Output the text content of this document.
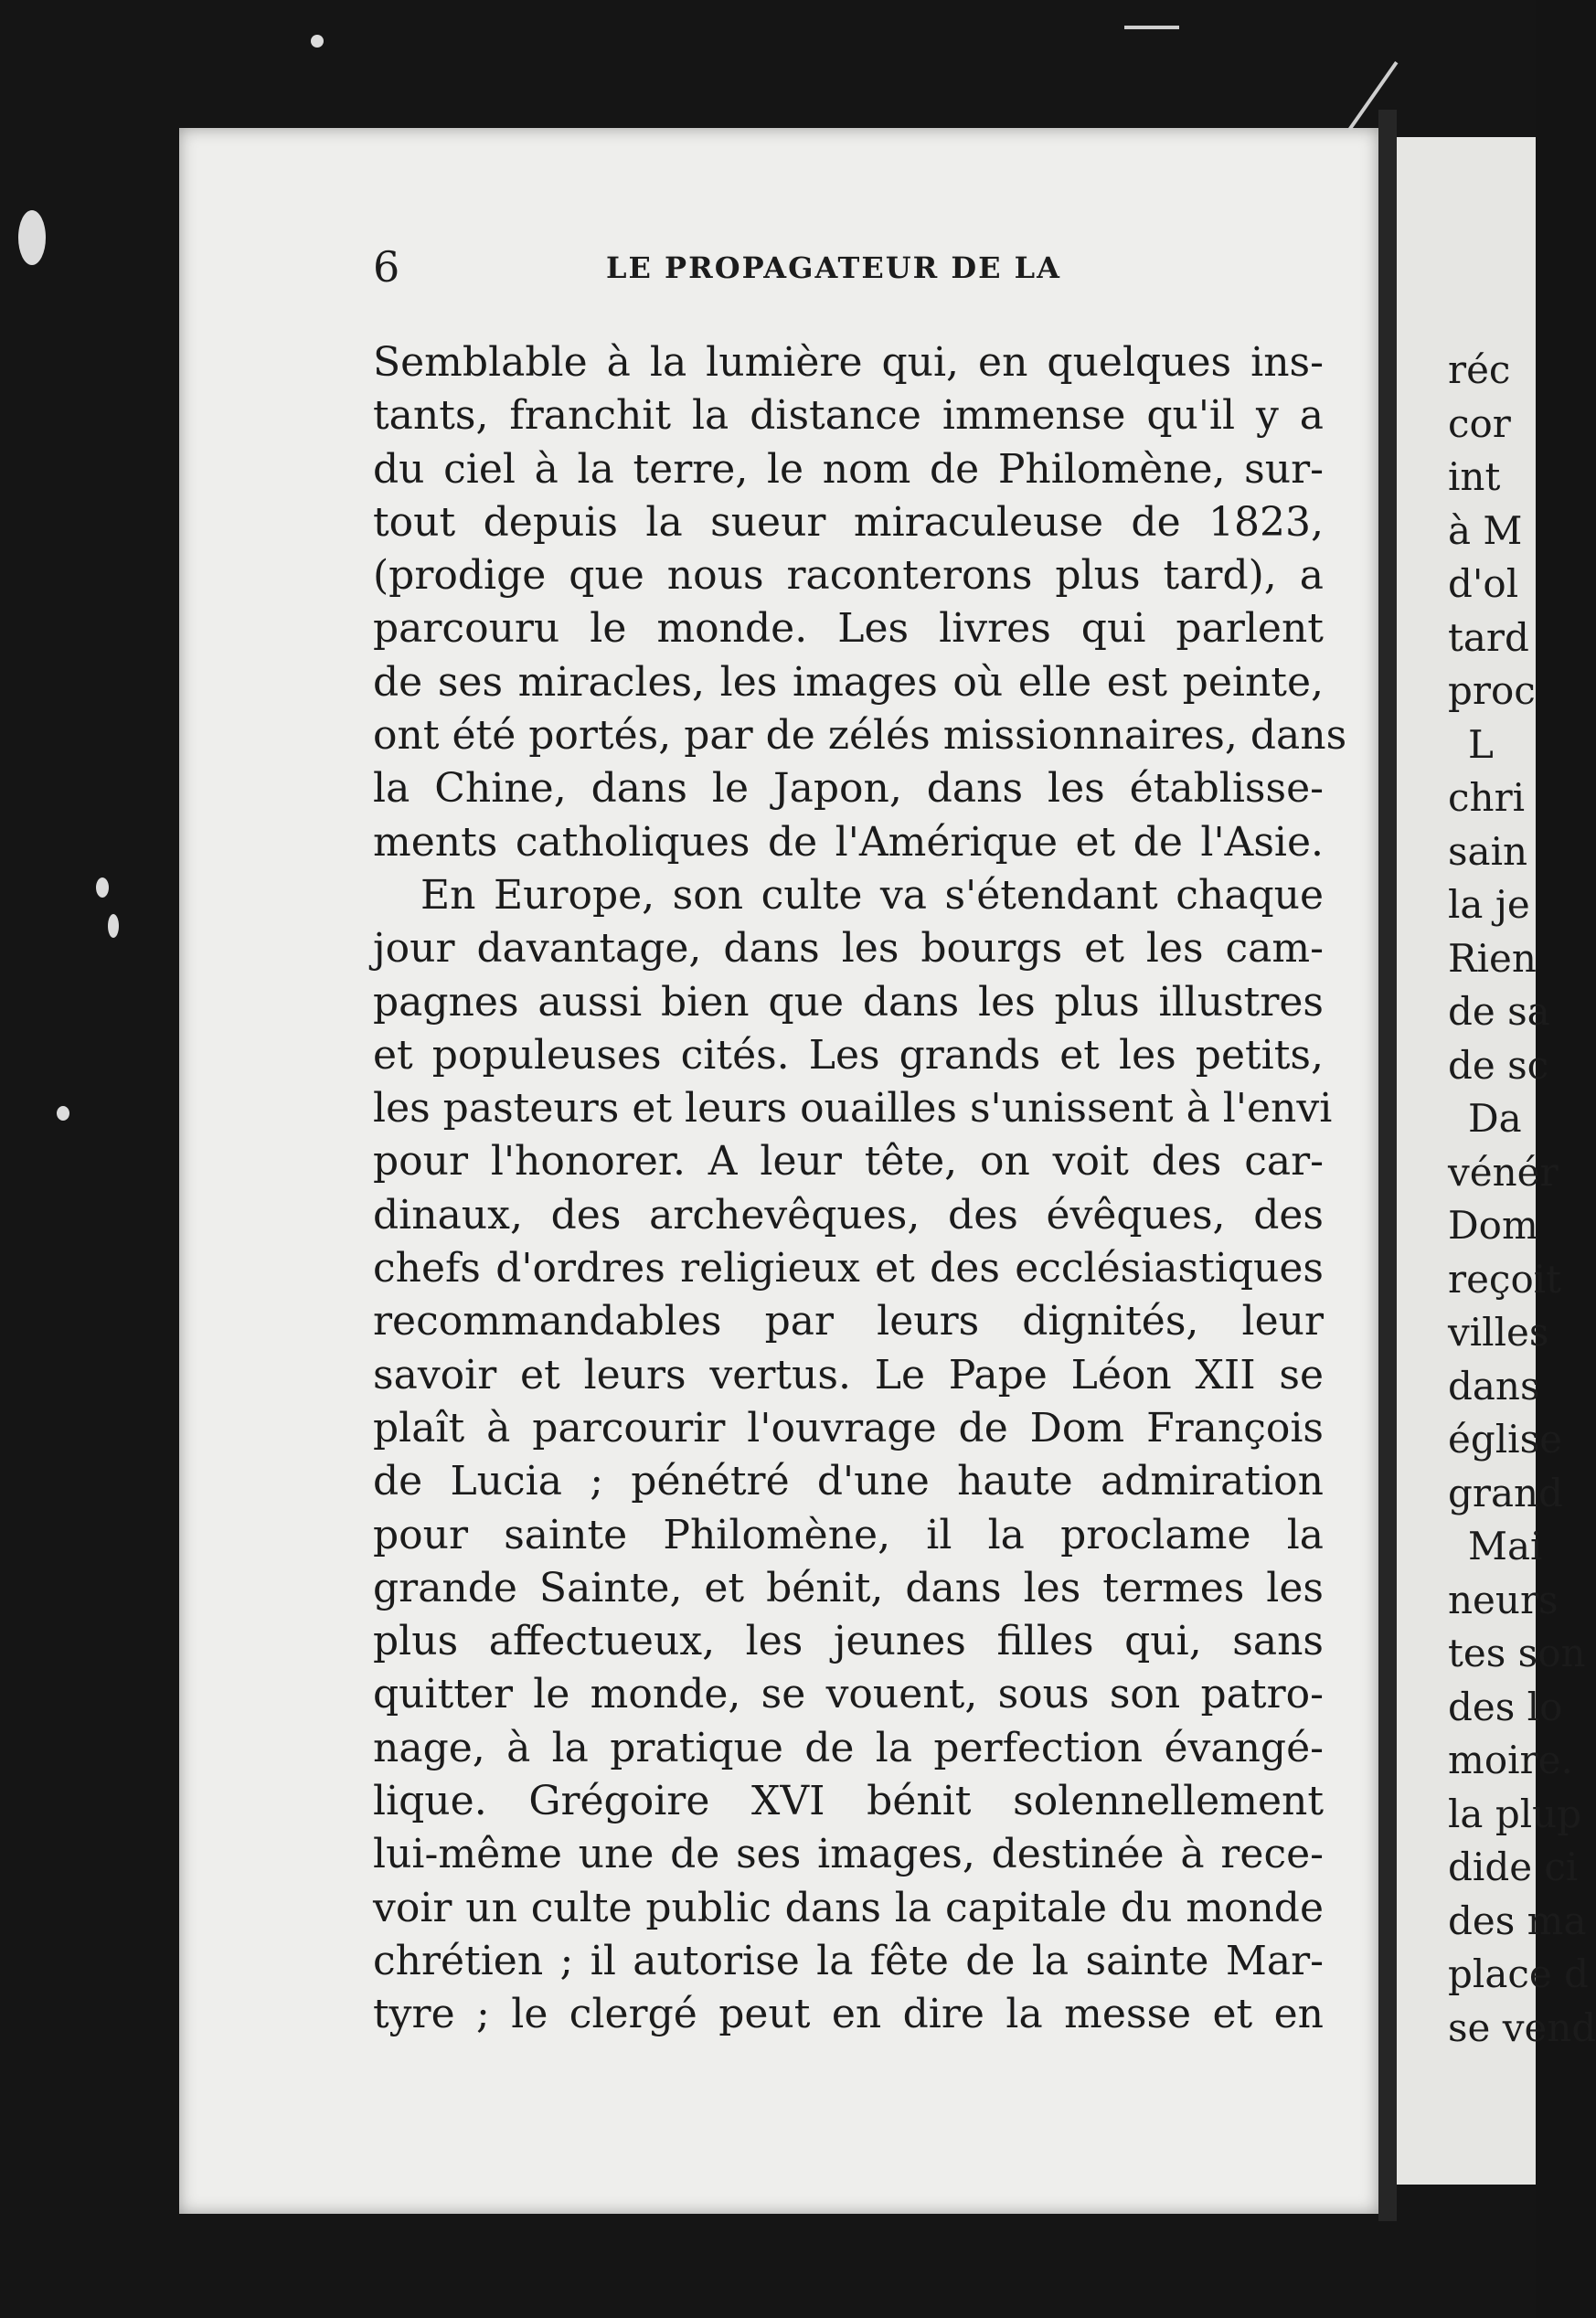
réc
cor
int
à M
d'ol
tard
proc
L
chri
sain
la je
Rien
de sa
de sc
Da
vénér
Dom
reçoit
villes
dans
église
grand
Mai
neurs
tes son
des lo
moire.
la plup
dide ci
des ma
place d
se vend
6	LE PROPAGATEUR DE LA
Semblable à la lumière qui, en quelques ins-
tants, franchit la distance immense qu'il y a
du ciel à la terre, le nom de Philomène, sur-
tout depuis la sueur miraculeuse de 1823,
(prodige que nous raconterons plus tard), a
parcouru le monde. Les livres qui parlent
de ses miracles, les images où elle est peinte,
ont été portés, par de zélés missionnaires, dans
la Chine, dans le Japon, dans les établisse-
ments catholiques de l'Amérique et de l'Asie.
En Europe, son culte va s'étendant chaque
jour davantage, dans les bourgs et les cam-
pagnes aussi bien que dans les plus illustres
et populeuses cités. Les grands et les petits,
les pasteurs et leurs ouailles s'unissent à l'envi
pour l'honorer. A leur tête, on voit des car-
dinaux, des archevêques, des évêques, des
chefs d'ordres religieux et des ecclésiastiques
recommandables par leurs dignités, leur
savoir et leurs vertus. Le Pape Léon XII se
plaît à parcourir l'ouvrage de Dom François
de Lucia ; pénétré d'une haute admiration
pour sainte Philomène, il la proclame la
grande Sainte, et bénit, dans les termes les
plus affectueux, les jeunes filles qui, sans
quitter le monde, se vouent, sous son patro-
nage, à la pratique de la perfection évangé-
lique. Grégoire XVI bénit solennellement
lui-même une de ses images, destinée à rece-
voir un culte public dans la capitale du monde
chrétien ; il autorise la fête de la sainte Mar-
tyre ; le clergé peut en dire la messe et en
